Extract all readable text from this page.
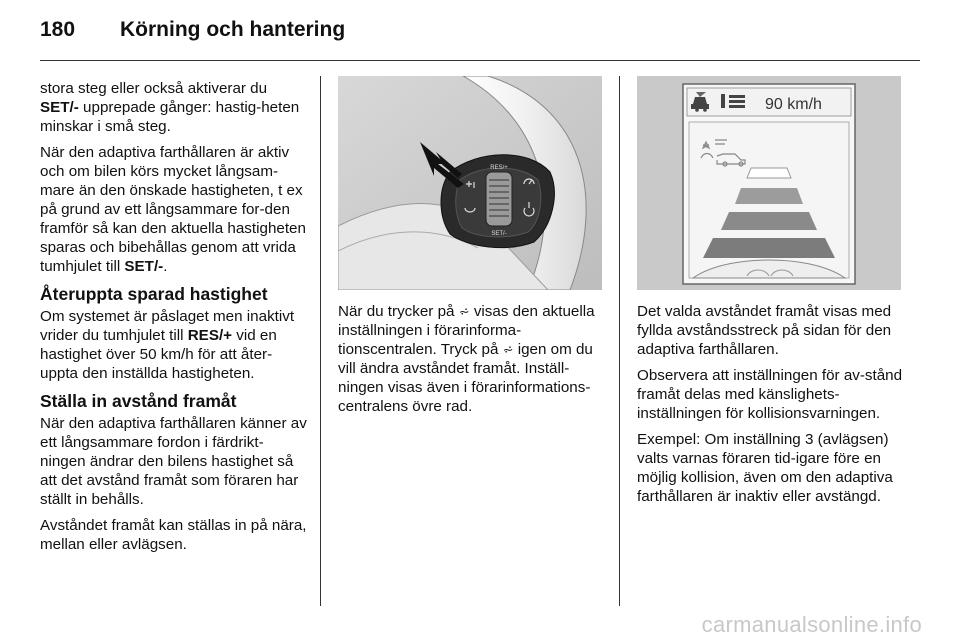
180 Körning och hantering

stora steg eller också aktiverar du SET/- upprepade gånger: hastig-heten minskar i små steg.

När den adaptiva farthållaren är aktiv och om bilen körs mycket långsam-mare än den önskade hastigheten, t ex på grund av ett långsammare for-den framför så kan den aktuella hastigheten sparas och bibehållas genom att vrida tumhjulet till SET/-.

Återuppta sparad hastighet

Om systemet är påslaget men inaktivt vrider du tumhjulet till RES/+ vid en hastighet över 50 km/h för att åter-uppta den inställda hastigheten.

Ställa in avstånd framåt

När den adaptiva farthållaren känner av ett långsammare fordon i färdrikt-ningen ändrar den bilens hastighet så att det avstånd framåt som föraren har ställt in behålls.

Avståndet framåt kan ställas in på nära, mellan eller avlägsen.

RES/+
SET/-

När du trycker på ⩫ visas den aktuella inställningen i förarinforma-tionscentralen. Tryck på ⩫ igen om du vill ändra avståndet framåt. Inställ-ningen visas även i förarinformations-centralens övre rad.

90 km/h

Det valda avståndet framåt visas med fyllda avståndsstreck på sidan för den adaptiva farthållaren.

Observera att inställningen för av-stånd framåt delas med känslighets-inställningen för kollisionsvarningen.

Exempel: Om inställning 3 (avlägsen) valts varnas föraren tid-igare före en möjlig kollision, även om den adaptiva farthållaren är inaktiv eller avstängd.

carmanualsonline.info
